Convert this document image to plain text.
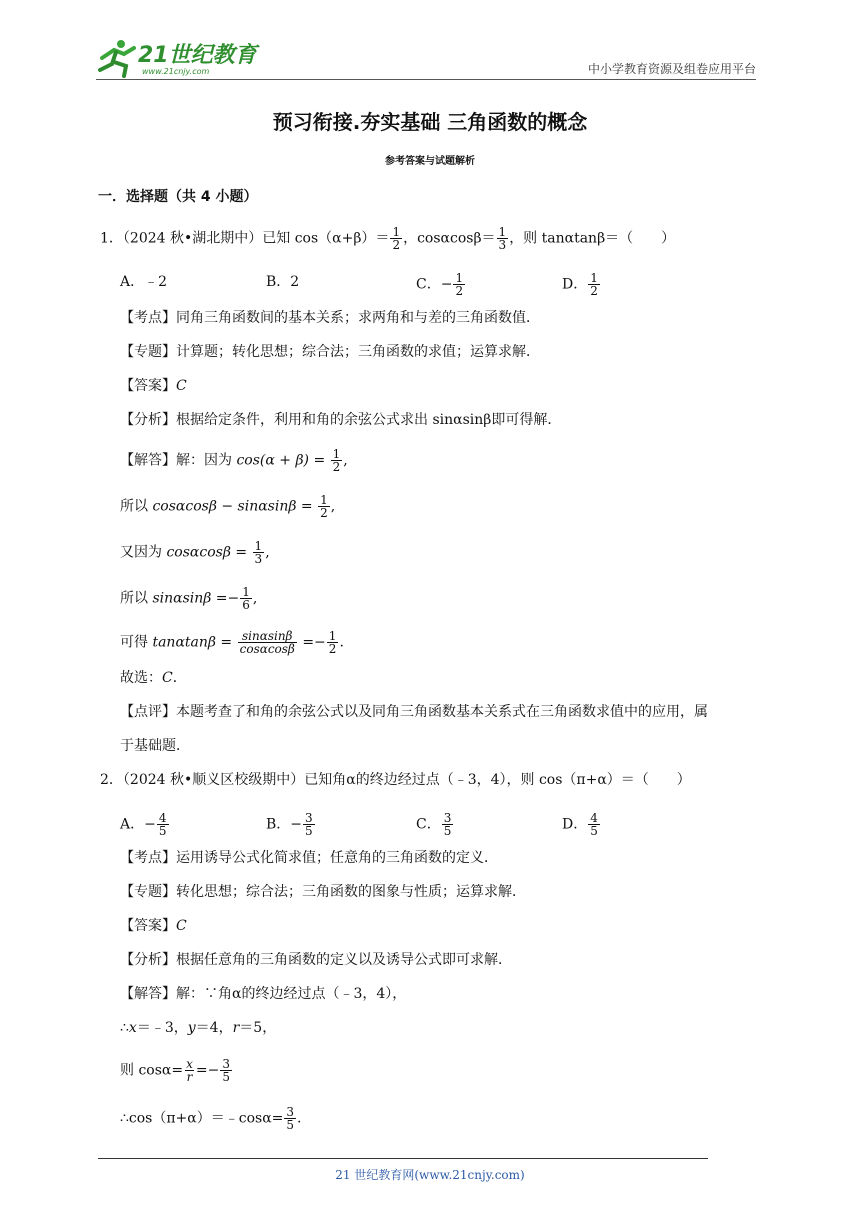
21世纪教育
www.21cnjy.com	中小学教育资源及组卷应用平台
预习衔接.夯实基础 三角函数的概念
参考答案与试题解析
一．选择题（共 4 小题）
1．（2024 秋•湖北期中）已知 $\cos(\alpha+\beta)= \frac{1}{2}$ ，$\cos\alpha\cos\beta= \frac{1}{3}$ ，则 tanαtanβ＝（　　）
A．﹣2	B．2	C．− $\frac{1}{2}$	D． $\frac{1}{2}$
【考点】同角三角函数间的基本关系；求两角和与差的三角函数值．
【专题】计算题；转化思想；综合法；三角函数的求值；运算求解．
【答案】C
【分析】根据给定条件，利用和角的余弦公式求出 sinαsinβ即可得解．
【解答】解：因为 $\cos(\alpha + \beta) = \frac{1}{2}$ ,
所以 $\cos\alpha\cos\beta - \sin\alpha\sin\beta = \frac{1}{2}$ ,
又因为 $\cos\alpha\cos\beta = \frac{1}{3}$ ,
所以 $\sin\alpha\sin\beta =- \frac{1}{6}$ ,
可得 $\tan\alpha\tan\beta = \frac{\sin\alpha\sin\beta}{\cos\alpha\cos\beta} =- \frac{1}{2}$ .
故选：C．
【点评】本题考查了和角的余弦公式以及同角三角函数基本关系式在三角函数求值中的应用，属
于基础题．
2．（2024 秋•顺义区校级期中）已知角α的终边经过点（﹣3，4），则 cos（π+α）＝（　　）
A．− $\frac{4}{5}$	B．− $\frac{3}{5}$	C． $\frac{3}{5}$	D． $\frac{4}{5}$
【考点】运用诱导公式化简求值；任意角的三角函数的定义．
【专题】转化思想；综合法；三角函数的图象与性质；运算求解．
【答案】C
【分析】根据任意角的三角函数的定义以及诱导公式即可求解．
【解答】解：∵角α的终边经过点（﹣3，4），
∴x＝﹣3，y＝4，r＝5，
则 $\cos\alpha= \frac{x}{r} =- \frac{3}{5}$
∴cos（π+α）＝﹣cosα= $\frac{3}{5}$ .
21 世纪教育网(www.21cnjy.com)
